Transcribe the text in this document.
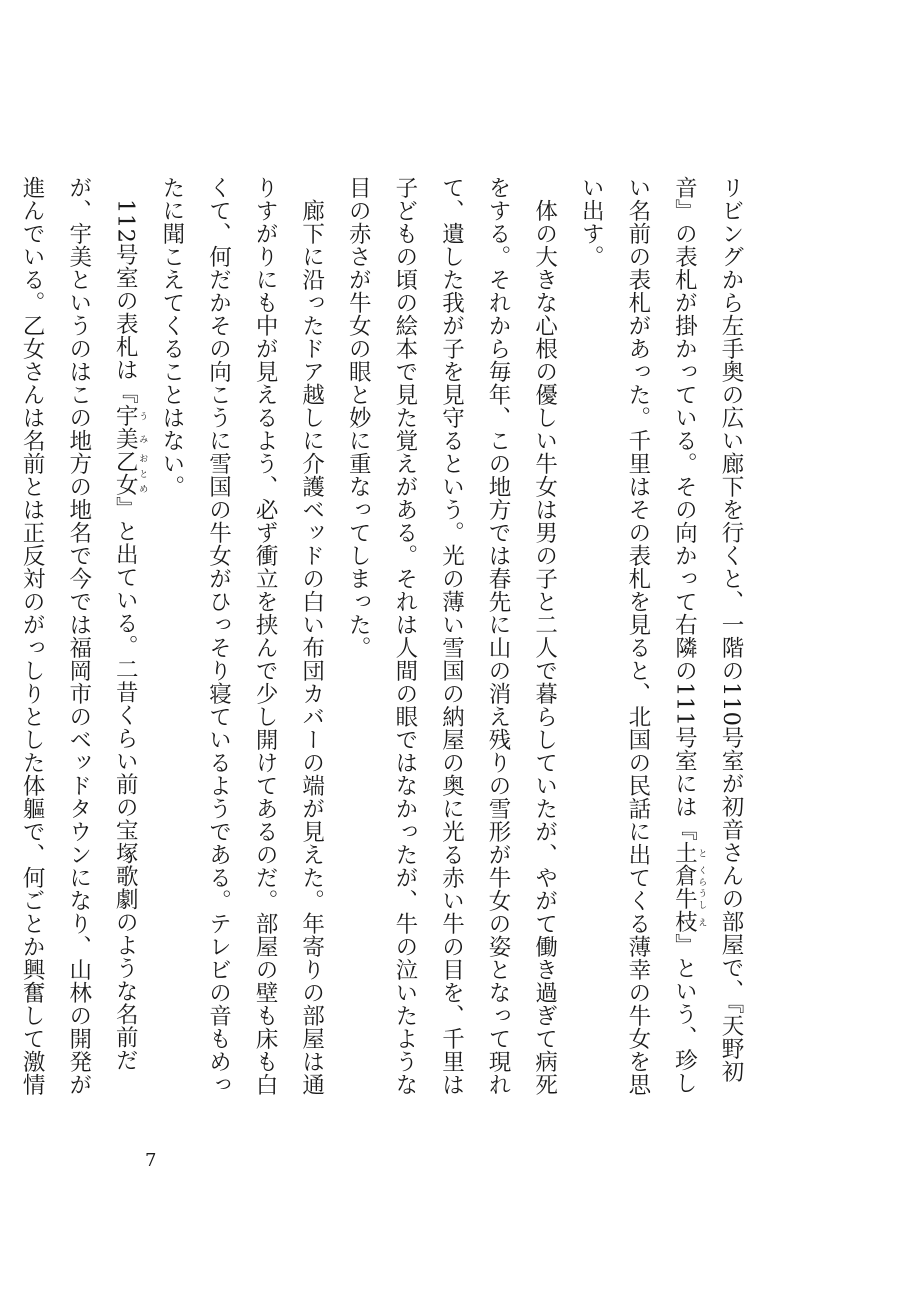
リビングから左手奥の広い廊下を行くと、一階の110号室が初音さんの部屋で、『天野初音』の表札が掛かっている。その向かって右隣の111号室には『土 と倉 くら牛 うし枝 え』という、珍しい名前の表札があった。千里はその表札を見ると、北国の民話に出てくる薄幸の牛女を思い出す。

体の大きな心根の優しい牛女は男の子と二人で暮らしていたが、やがて働き過ぎて病死をする。それから毎年、この地方では春先に山の消え残りの雪形が牛女の姿となって現れて、遺した我が子を見守るという。光の薄い雪国の納屋の奥に光る赤い牛の目を、千里は子どもの頃の絵本で見た覚えがある。それは人間の眼ではなかったが、牛の泣いたような目の赤さが牛女の眼と妙に重なってしまった。

廊下に沿ったドア越しに介護ベッドの白い布団カバーの端が見えた。年寄りの部屋は通りすがりにも中が見えるよう、必ず衝立を挟んで少し開けてあるのだ。部屋の壁も床も白くて、何だかその向こうに雪国の牛女がひっそり寝ているようである。テレビの音もめったに聞こえてくることはない。

112号室の表札は『宇 う美 み乙女 おとめ』と出ている。二昔くらい前の宝塚歌劇のような名前だが、宇美というのはこの地方の地名で今では福岡市のベッドタウンになり、山林の開発が進んでいる。乙女さんは名前とは正反対のがっしりとした体軀で、何ごとか興奮して激情

7
